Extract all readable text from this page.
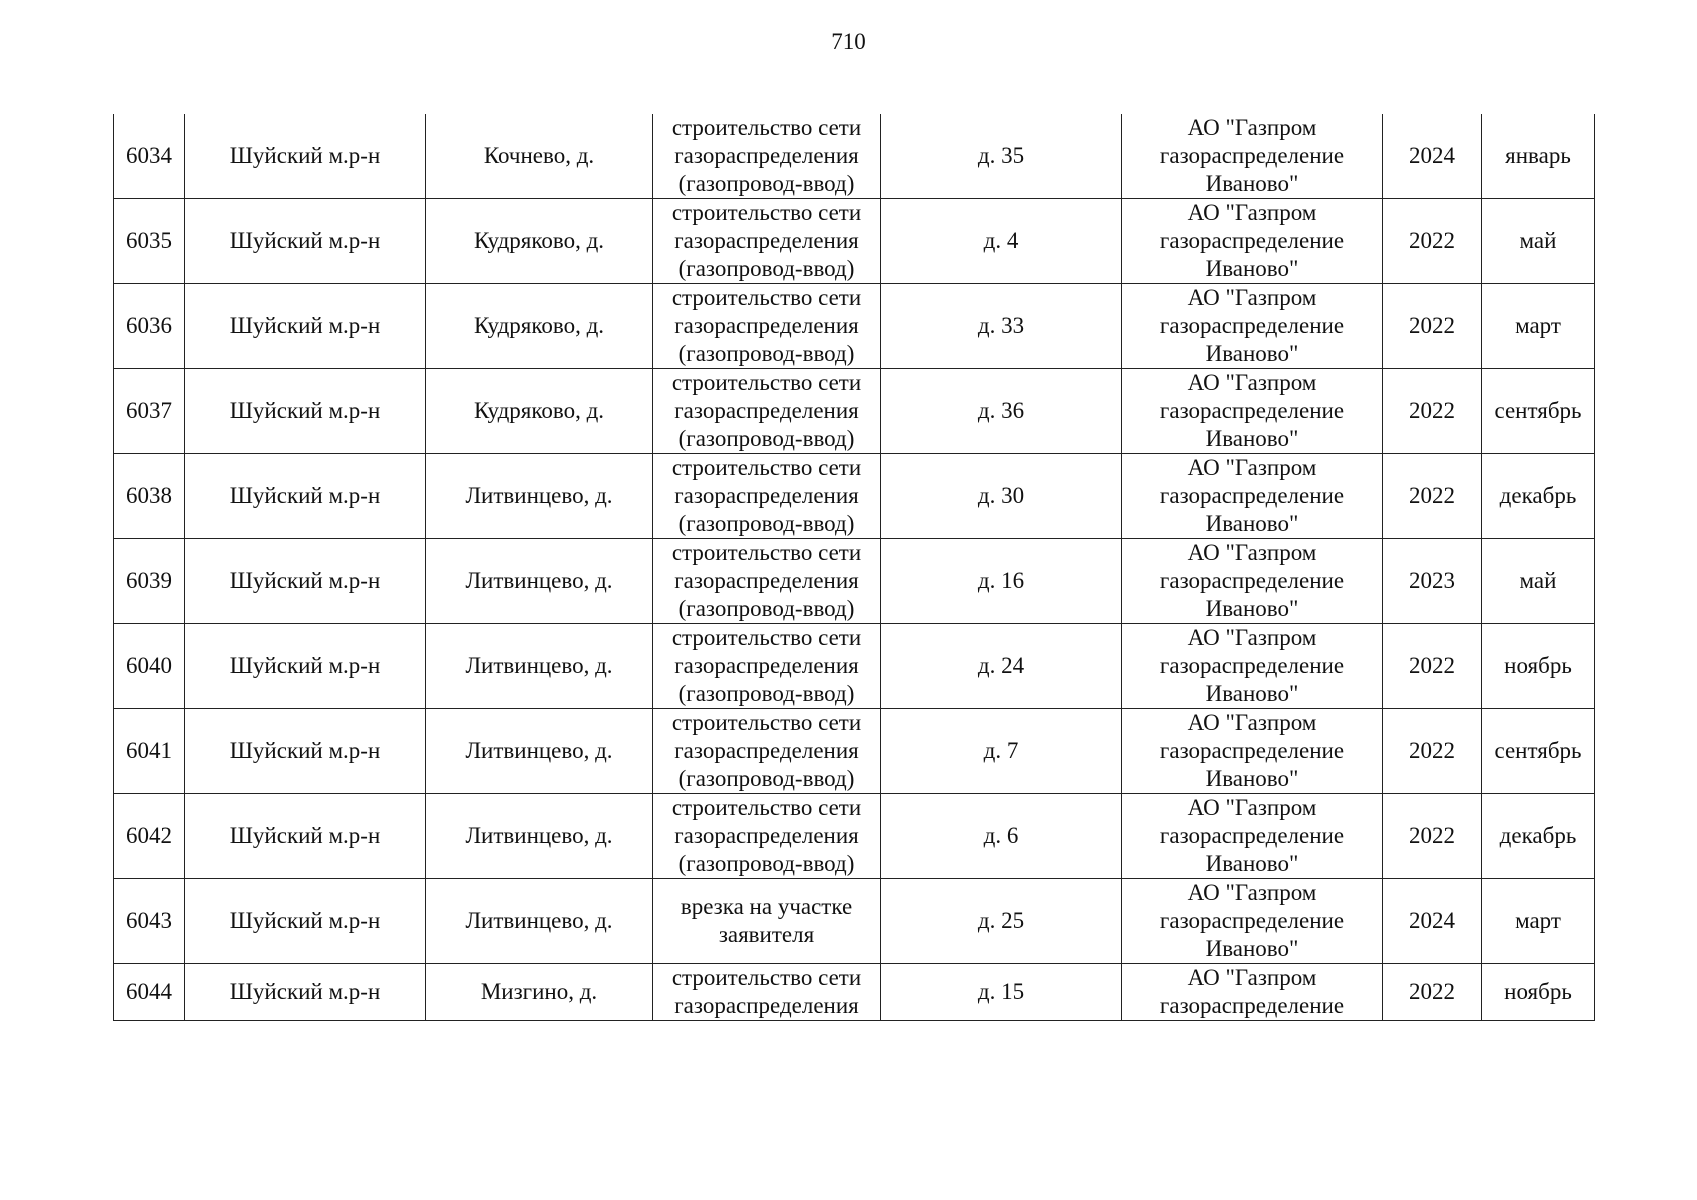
710
6034	Шуйский м.р-н	Кочнево, д.	строительство сети
газораспределения
(газопровод-ввод)	д. 35	АО "Газпром
газораспределение
Иваново"	2024	январь
6035	Шуйский м.р-н	Кудряково, д.	строительство сети
газораспределения
(газопровод-ввод)	д. 4	АО "Газпром
газораспределение
Иваново"	2022	май
6036	Шуйский м.р-н	Кудряково, д.	строительство сети
газораспределения
(газопровод-ввод)	д. 33	АО "Газпром
газораспределение
Иваново"	2022	март
6037	Шуйский м.р-н	Кудряково, д.	строительство сети
газораспределения
(газопровод-ввод)	д. 36	АО "Газпром
газораспределение
Иваново"	2022	сентябрь
6038	Шуйский м.р-н	Литвинцево, д.	строительство сети
газораспределения
(газопровод-ввод)	д. 30	АО "Газпром
газораспределение
Иваново"	2022	декабрь
6039	Шуйский м.р-н	Литвинцево, д.	строительство сети
газораспределения
(газопровод-ввод)	д. 16	АО "Газпром
газораспределение
Иваново"	2023	май
6040	Шуйский м.р-н	Литвинцево, д.	строительство сети
газораспределения
(газопровод-ввод)	д. 24	АО "Газпром
газораспределение
Иваново"	2022	ноябрь
6041	Шуйский м.р-н	Литвинцево, д.	строительство сети
газораспределения
(газопровод-ввод)	д. 7	АО "Газпром
газораспределение
Иваново"	2022	сентябрь
6042	Шуйский м.р-н	Литвинцево, д.	строительство сети
газораспределения
(газопровод-ввод)	д. 6	АО "Газпром
газораспределение
Иваново"	2022	декабрь
6043	Шуйский м.р-н	Литвинцево, д.	врезка на участке
заявителя	д. 25	АО "Газпром
газораспределение
Иваново"	2024	март
6044	Шуйский м.р-н	Мизгино, д.	строительство сети
газораспределения	д. 15	АО "Газпром
газораспределение	2022	ноябрь
